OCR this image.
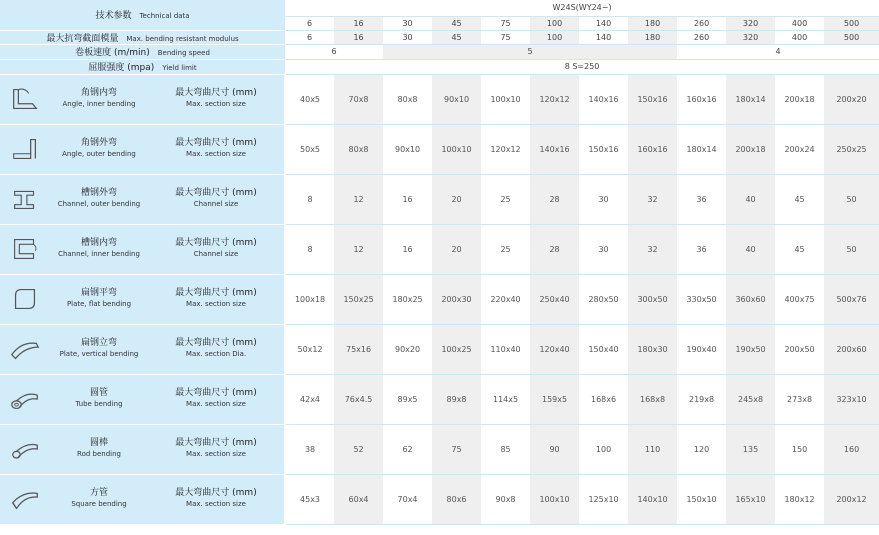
技术参数 Technical data			W24S(WY24−)											
			6	16	30	45	75	100	140	180	260	320	400	500
最大抗弯截面模量 Max. bending resistant modulus			6	16	30	45	75	100	140	180	260	320	400	500
卷板速度 (m/min) Bending speed			6		5						4			
屈服强度 (mpa) Yield limit			8 S=250											

角钢内弯
Angle, inner bending	最大弯曲尺寸 (mm)
Max. section size	40x5	70x8	80x8	90x10	100x10	120x12	140x16	150x16	160x16	180x14	200x18	200x20

角钢外弯
Angle, outer bending	最大弯曲尺寸 (mm)
Max. section size	50x5	80x8	90x10	100x10	120x12	140x16	150x16	160x16	180x14	200x18	200x24	250x25

槽钢外弯
Channel, outer bending	最大弯曲尺寸 (mm)
Channel size	8	12	16	20	25	28	30	32	36	40	45	50

槽钢内弯
Channel, inner bending	最大弯曲尺寸 (mm)
Channel size	8	12	16	20	25	28	30	32	36	40	45	50

扁钢平弯
Plate, flat bending	最大弯曲尺寸 (mm)
Max. section size	100x18	150x25	180x25	200x30	220x40	250x40	280x50	300x50	330x50	360x60	400x75	500x76

扁钢立弯
Plate, vertical bending	最大弯曲尺寸 (mm)
Max. section Dia.	50x12	75x16	90x20	100x25	110x40	120x40	150x40	180x30	190x40	190x50	200x50	200x60

圆管
Tube bending	最大弯曲尺寸 (mm)
Max. section size	42x4	76x4.5	89x5	89x8	114x5	159x5	168x6	168x8	219x8	245x8	273x8	323x10

圆棒
Rod bending	最大弯曲尺寸 (mm)
Max. section size	38	52	62	75	85	90	100	110	120	135	150	160

方管
Square bending	最大弯曲尺寸 (mm)
Max. section size	45x3	60x4	70x4	80x6	90x8	100x10	125x10	140x10	150x10	165x10	180x12	200x12
